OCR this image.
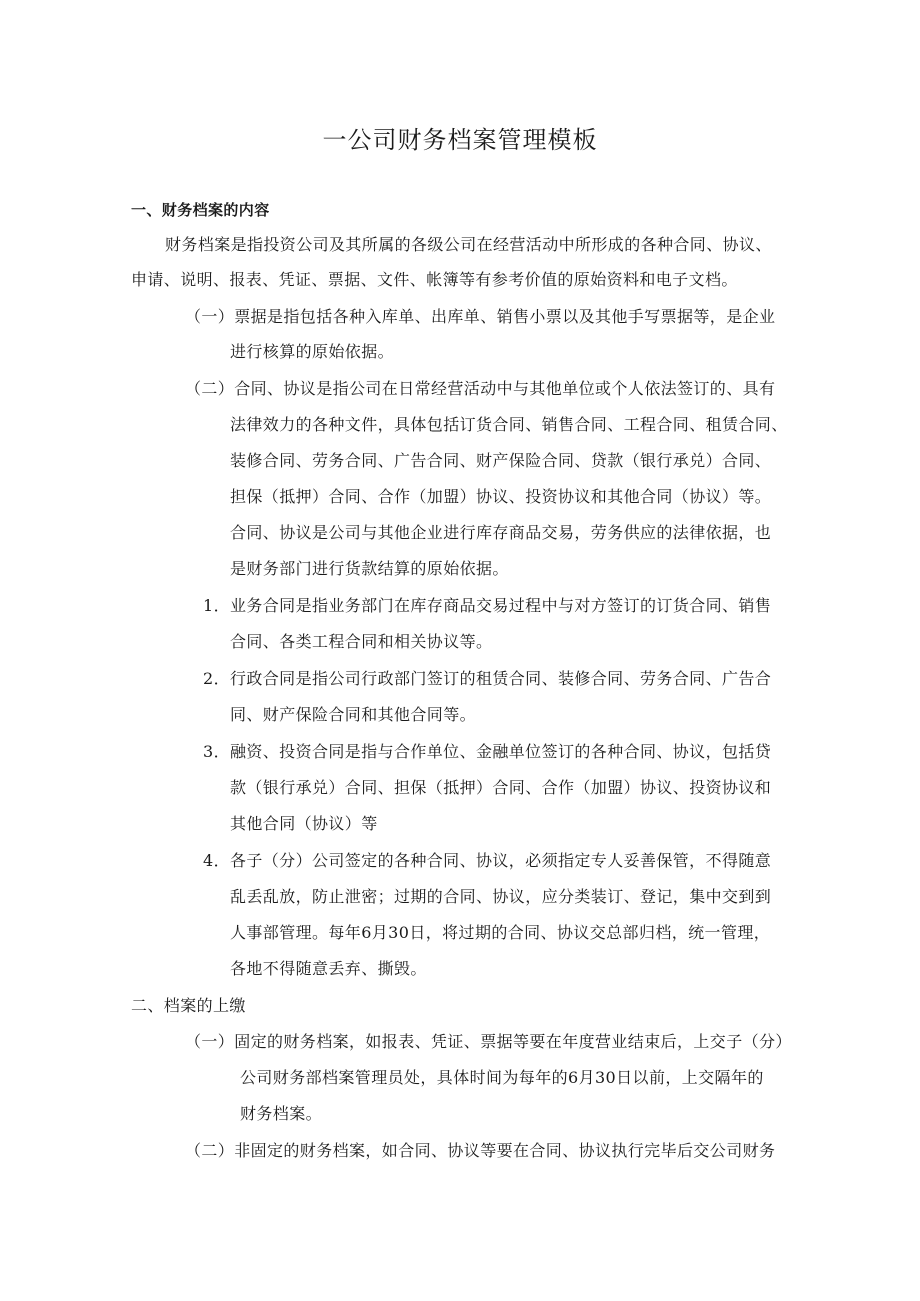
一公司财务档案管理模板
一、财务档案的内容
财务档案是指投资公司及其所属的各级公司在经营活动中所形成的各种合同、协议、
申请、说明、报表、凭证、票据、文件、帐簿等有参考价值的原始资料和电子文档。
（一）票据是指包括各种入库单、出库单、销售小票以及其他手写票据等，是企业
进行核算的原始依据。
（二）合同、协议是指公司在日常经营活动中与其他单位或个人依法签订的、具有
法律效力的各种文件，具体包括订货合同、销售合同、工程合同、租赁合同、
装修合同、劳务合同、广告合同、财产保险合同、贷款（银行承兑）合同、
担保（抵押）合同、合作（加盟）协议、投资协议和其他合同（协议）等。
合同、协议是公司与其他企业进行库存商品交易，劳务供应的法律依据，也
是财务部门进行货款结算的原始依据。
1．业务合同是指业务部门在库存商品交易过程中与对方签订的订货合同、销售
合同、各类工程合同和相关协议等。
2．行政合同是指公司行政部门签订的租赁合同、装修合同、劳务合同、广告合
同、财产保险合同和其他合同等。
3．融资、投资合同是指与合作单位、金融单位签订的各种合同、协议，包括贷
款（银行承兑）合同、担保（抵押）合同、合作（加盟）协议、投资协议和
其他合同（协议）等
4．各子（分）公司签定的各种合同、协议，必须指定专人妥善保管，不得随意
乱丢乱放，防止泄密；过期的合同、协议，应分类装订、登记，集中交到到
人事部管理。每年6月30日，将过期的合同、协议交总部归档，统一管理，
各地不得随意丢弃、撕毁。
二、档案的上缴
（一）固定的财务档案，如报表、凭证、票据等要在年度营业结束后，上交子（分）
公司财务部档案管理员处，具体时间为每年的6月30日以前，上交隔年的
财务档案。
（二）非固定的财务档案，如合同、协议等要在合同、协议执行完毕后交公司财务
